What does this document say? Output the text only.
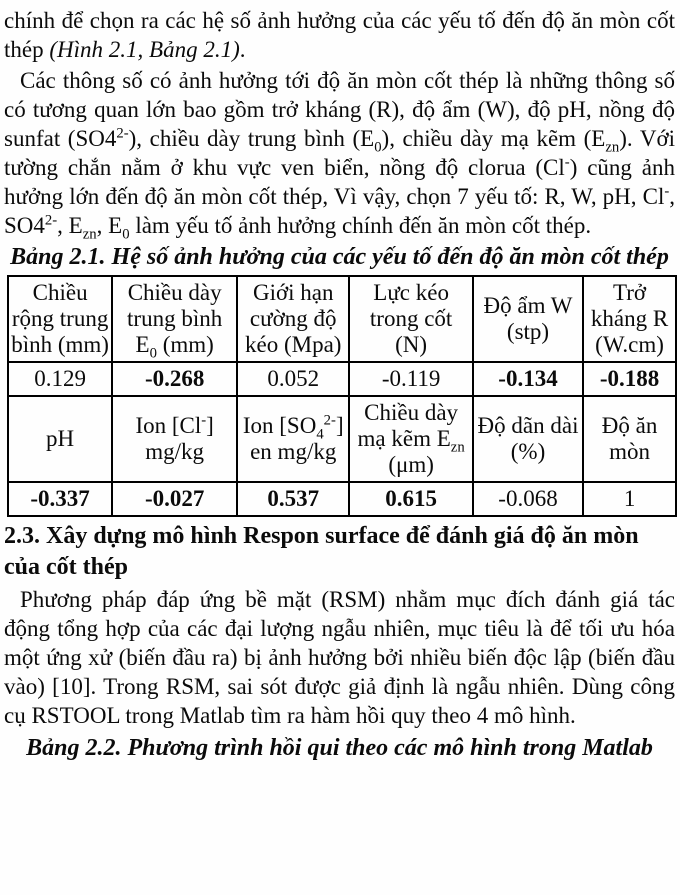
chính để chọn ra các hệ số ảnh hưởng của các yếu tố đến độ ăn mòn cốt thép (Hình 2.1, Bảng 2.1).

Các thông số có ảnh hưởng tới độ ăn mòn cốt thép là những thông số có tương quan lớn bao gồm trở kháng (R), độ ẩm (W), độ pH, nồng độ sunfat $(SO4^{2-})$, chiều dày trung bình $(E_0)$, chiều dày mạ kẽm $(E_{zn})$. Với tường chắn nằm ở khu vực ven biển, nồng độ clorua (Cl-) cũng ảnh hưởng lớn đến độ ăn mòn cốt thép, Vì vậy, chọn 7 yếu tố: R, W, pH, Cl-, $SO4^{2-}$, $E_{zn}$, $E_0$ làm yếu tố ảnh hưởng chính đến ăn mòn cốt thép.

Bảng 2.1. Hệ số ảnh hưởng của các yếu tố đến độ ăn mòn cốt thép
Chiều rộng trung bình (mm)	Chiều dày trung bình $E_0$ (mm)	Giới hạn cường độ kéo (Mpa)	Lực kéo trong cốt (N)	Độ ẩm W (stp)	Trở kháng R (W.cm)
0.129	-0.268	0.052	-0.119	-0.134	-0.188
pH	Ion [Cl-] mg/kg	Ion $[SO_4^{2-}]$ en mg/kg	Chiều dày mạ kẽm $E_{zn}$ (μm)	Độ dãn dài (%)	Độ ăn mòn
-0.337	-0.027	0.537	0.615	-0.068	1
2.3. Xây dựng mô hình Respon surface để đánh giá độ ăn mòn của cốt thép

Phương pháp đáp ứng bề mặt (RSM) nhằm mục đích đánh giá tác động tổng hợp của các đại lượng ngẫu nhiên, mục tiêu là để tối ưu hóa một ứng xử (biến đầu ra) bị ảnh hưởng bởi nhiều biến độc lập (biến đầu vào) [10]. Trong RSM, sai sót được giả định là ngẫu nhiên. Dùng công cụ RSTOOL trong Matlab tìm ra hàm hồi quy theo 4 mô hình.

Bảng 2.2. Phương trình hồi qui theo các mô hình trong Matlab
